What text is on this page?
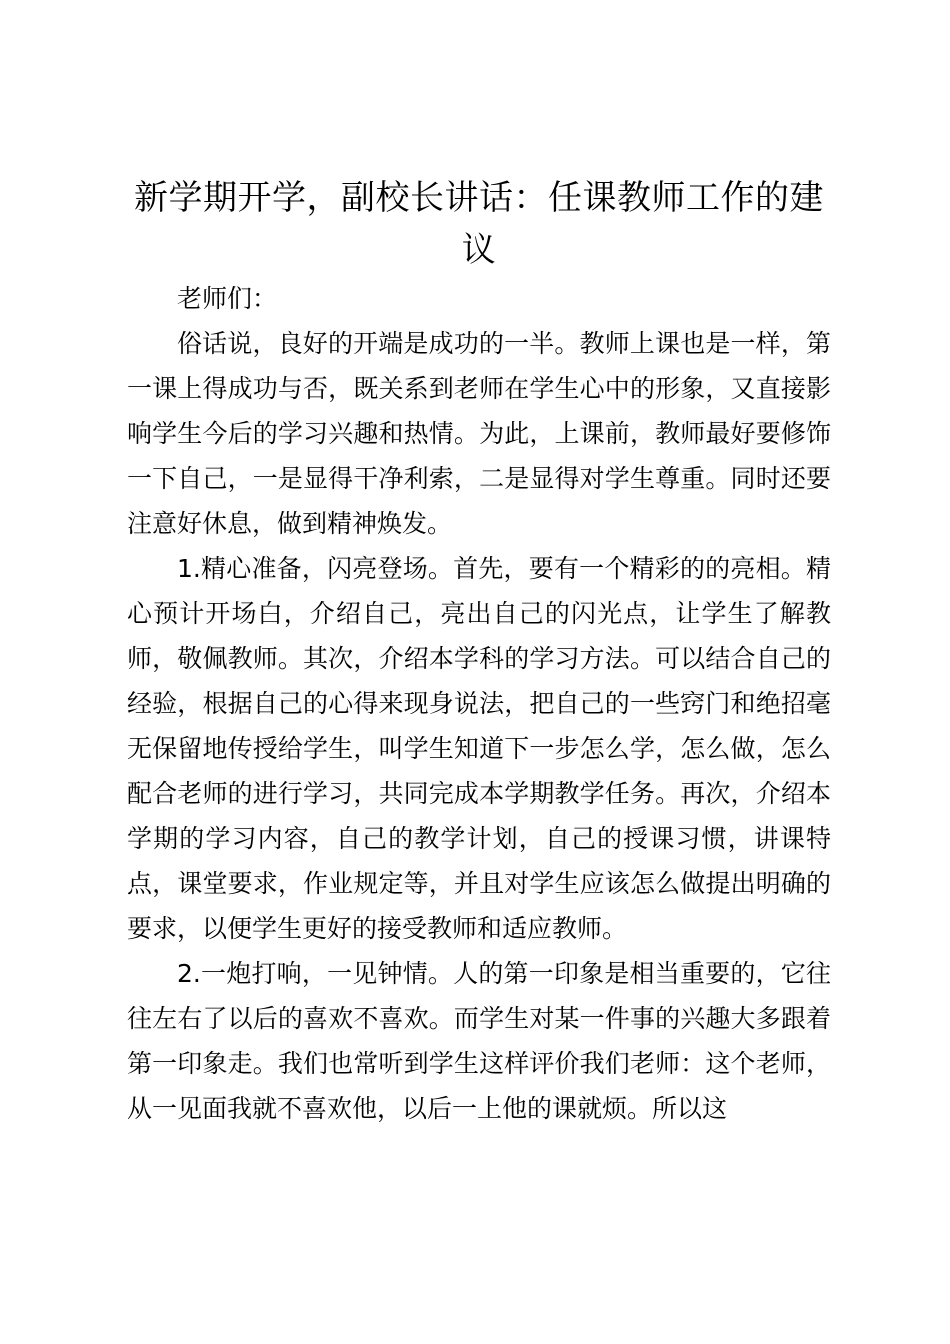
新学期开学，副校长讲话：任课教师工作的建议

老师们：

俗话说，良好的开端是成功的一半。教师上课也是一样，第一课上得成功与否，既关系到老师在学生心中的形象，又直接影响学生今后的学习兴趣和热情。为此，上课前，教师最好要修饰一下自己，一是显得干净利索，二是显得对学生尊重。同时还要注意好休息，做到精神焕发。

1.精心准备，闪亮登场。首先，要有一个精彩的的亮相。精心预计开场白，介绍自己，亮出自己的闪光点，让学生了解教师，敬佩教师。其次，介绍本学科的学习方法。可以结合自己的经验，根据自己的心得来现身说法，把自己的一些窍门和绝招毫无保留地传授给学生，叫学生知道下一步怎么学，怎么做，怎么配合老师的进行学习，共同完成本学期教学任务。再次，介绍本学期的学习内容，自己的教学计划，自己的授课习惯，讲课特点，课堂要求，作业规定等，并且对学生应该怎么做提出明确的要求，以便学生更好的接受教师和适应教师。

2.一炮打响，一见钟情。人的第一印象是相当重要的，它往往左右了以后的喜欢不喜欢。而学生对某一件事的兴趣大多跟着第一印象走。我们也常听到学生这样评价我们老师：这个老师，从一见面我就不喜欢他，以后一上他的课就烦。所以这
